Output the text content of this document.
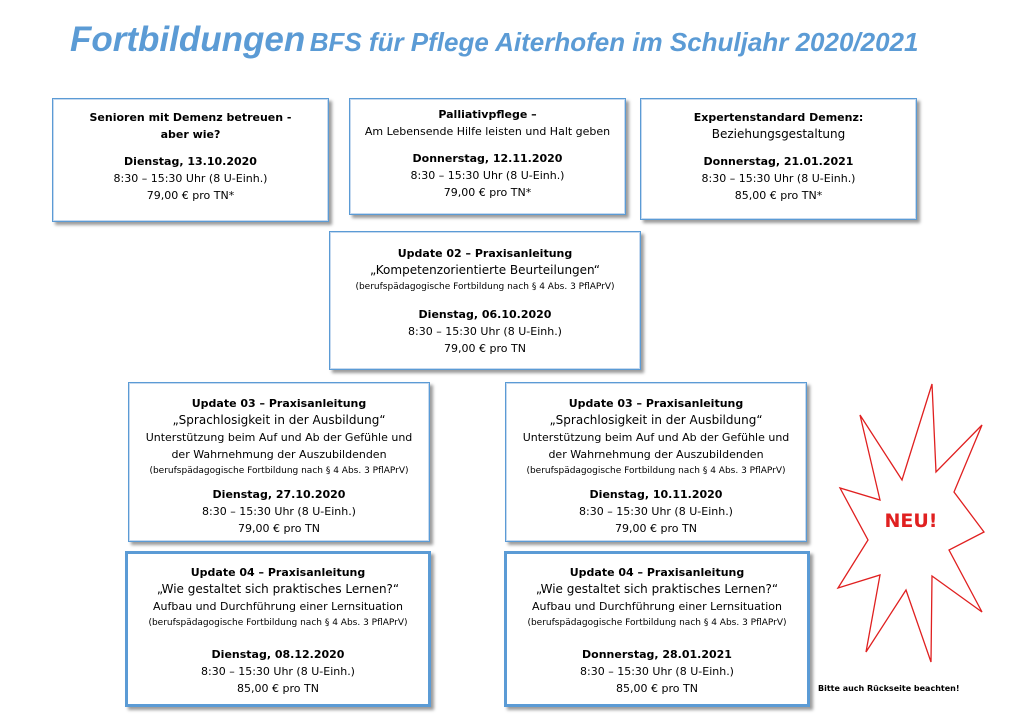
Fortbildungen BFS für Pflege Aiterhofen im Schuljahr 2020/2021
Senioren mit Demenz betreuen -
aber wie?
Dienstag, 13.10.2020
8:30 – 15:30 Uhr (8 U-Einh.)
79,00 € pro TN*
Palliativpflege –
Am Lebensende Hilfe leisten und Halt geben
Donnerstag, 12.11.2020
8:30 – 15:30 Uhr (8 U-Einh.)
79,00 € pro TN*
Expertenstandard Demenz:
Beziehungsgestaltung
Donnerstag, 21.01.2021
8:30 – 15:30 Uhr (8 U-Einh.)
85,00 € pro TN*
Update 02 – Praxisanleitung
„Kompetenzorientierte Beurteilungen“
(berufspädagogische Fortbildung nach § 4 Abs. 3 PflAPrV)
Dienstag, 06.10.2020
8:30 – 15:30 Uhr (8 U-Einh.)
79,00 € pro TN
Update 03 – Praxisanleitung
„Sprachlosigkeit in der Ausbildung“
Unterstützung beim Auf und Ab der Gefühle und
der Wahrnehmung der Auszubildenden
(berufspädagogische Fortbildung nach § 4 Abs. 3 PflAPrV)
Dienstag, 27.10.2020
8:30 – 15:30 Uhr (8 U-Einh.)
79,00 € pro TN
Update 03 – Praxisanleitung
„Sprachlosigkeit in der Ausbildung“
Unterstützung beim Auf und Ab der Gefühle und
der Wahrnehmung der Auszubildenden
(berufspädagogische Fortbildung nach § 4 Abs. 3 PflAPrV)
Dienstag, 10.11.2020
8:30 – 15:30 Uhr (8 U-Einh.)
79,00 € pro TN
Update 04 – Praxisanleitung
„Wie gestaltet sich praktisches Lernen?“
Aufbau und Durchführung einer Lernsituation
(berufspädagogische Fortbildung nach § 4 Abs. 3 PflAPrV)
Dienstag, 08.12.2020
8:30 – 15:30 Uhr (8 U-Einh.)
85,00 € pro TN
Update 04 – Praxisanleitung
„Wie gestaltet sich praktisches Lernen?“
Aufbau und Durchführung einer Lernsituation
(berufspädagogische Fortbildung nach § 4 Abs. 3 PflAPrV)
Donnerstag, 28.01.2021
8:30 – 15:30 Uhr (8 U-Einh.)
85,00 € pro TN
NEU!
Bitte auch Rückseite beachten!
